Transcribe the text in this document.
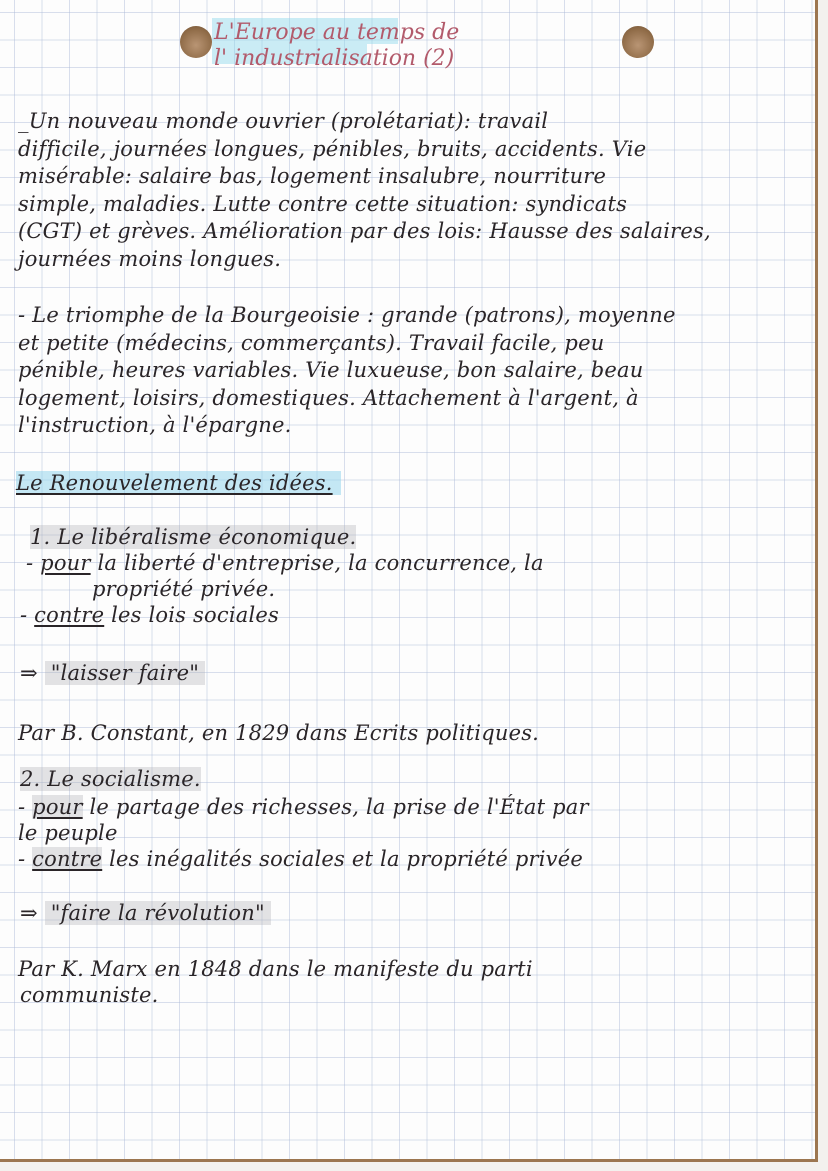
L'Europe au temps de
l' industrialisation (2)
_Un nouveau monde ouvrier (prolétariat): travail
difficile, journées longues, pénibles, bruits, accidents. Vie
misérable: salaire bas, logement insalubre, nourriture
simple, maladies. Lutte contre cette situation: syndicats
(CGT) et grèves. Amélioration par des lois: Hausse des salaires,
journées moins longues.
- Le triomphe de la Bourgeoisie : grande (patrons), moyenne
et petite (médecins, commerçants). Travail facile, peu
pénible, heures variables. Vie luxueuse, bon salaire, beau
logement, loisirs, domestiques. Attachement à l'argent, à
l'instruction, à l'épargne.
Le Renouvelement des idées.
1. Le libéralisme économique.
- pour la liberté d'entreprise, la concurrence, la
propriété privée.
- contre les lois sociales
⇒ "laisser faire"
Par B. Constant, en 1829 dans Ecrits politiques.
2. Le socialisme.
- pour le partage des richesses, la prise de l'État par
le peuple
- contre les inégalités sociales et la propriété privée
⇒ "faire la révolution"
Par K. Marx en 1848 dans le manifeste du parti
communiste.
